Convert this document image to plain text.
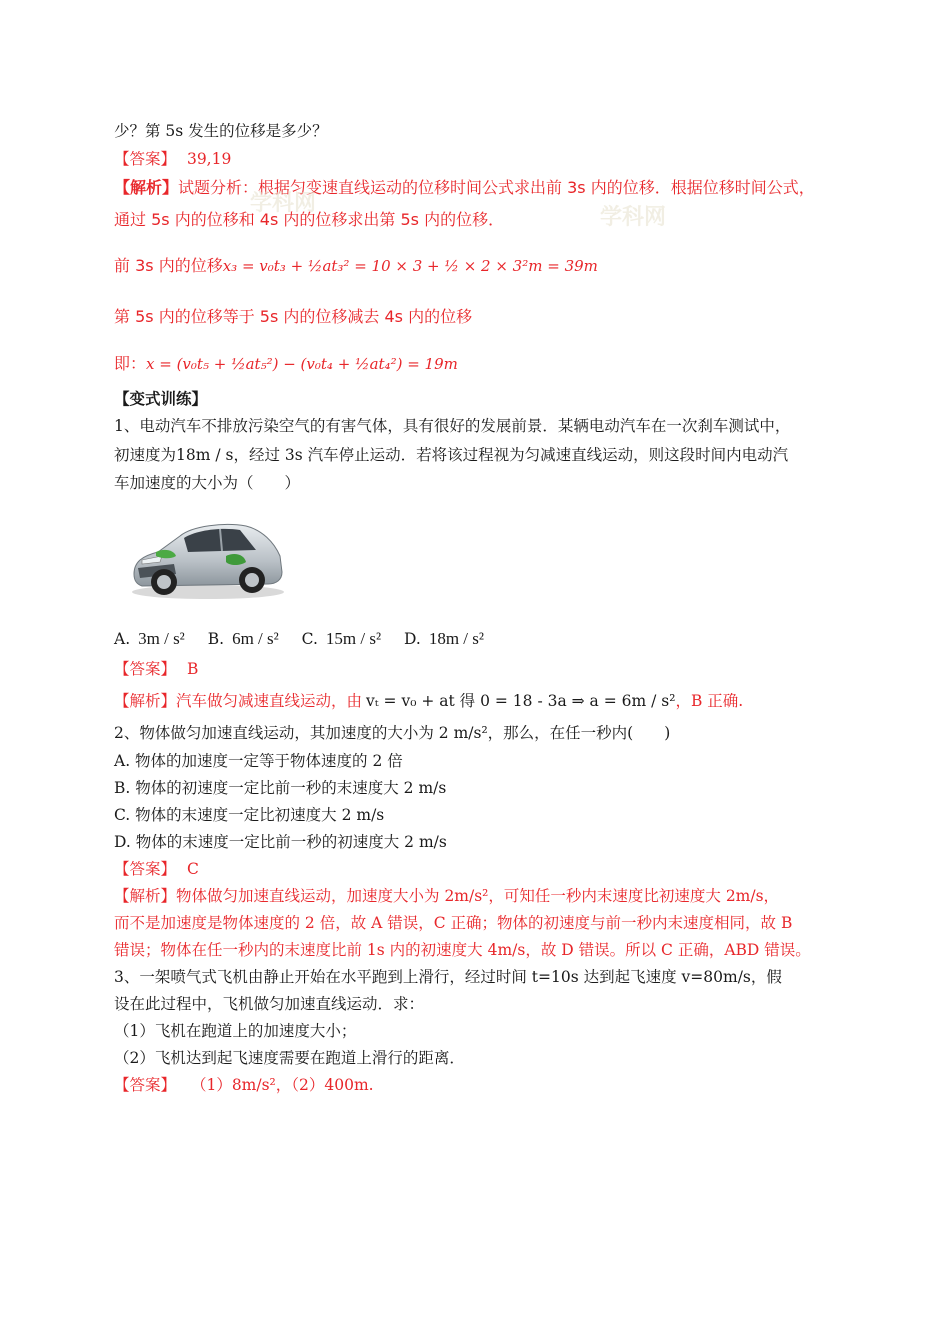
少？第 5s 发生的位移是多少？
【答案】 39,19
【解析】试题分析：根据匀变速直线运动的位移时间公式求出前 3s 内的位移．根据位移时间公式，
通过 5s 内的位移和 4s 内的位移求出第 5s 内的位移．
学科网
学科网
前 3s 内的位移x₃ = v₀t₃ + ½at₃² = 10 × 3 + ½ × 2 × 3²m = 39m
第 5s 内的位移等于 5s 内的位移减去 4s 内的位移
即：x = (v₀t₅ + ½at₅²) − (v₀t₄ + ½at₄²) = 19m
【变式训练】
1、电动汽车不排放污染空气的有害气体，具有很好的发展前景．某辆电动汽车在一次刹车测试中，
初速度为18m / s，经过 3s 汽车停止运动．若将该过程视为匀减速直线运动，则这段时间内电动汽
车加速度的大小为（　　）
A. 3m / s² B. 6m / s² C. 15m / s² D. 18m / s²
【答案】 B
【解析】汽车做匀减速直线运动，由 vₜ = v₀ + at 得 0 = 18 - 3a ⇒ a = 6m / s²，B 正确.
2、物体做匀加速直线运动，其加速度的大小为 2 m/s²，那么，在任一秒内(　　)
A. 物体的加速度一定等于物体速度的 2 倍
B. 物体的初速度一定比前一秒的末速度大 2 m/s
C. 物体的末速度一定比初速度大 2 m/s
D. 物体的末速度一定比前一秒的初速度大 2 m/s
【答案】 C
【解析】物体做匀加速直线运动，加速度大小为 2m/s²，可知任一秒内末速度比初速度大 2m/s，
而不是加速度是物体速度的 2 倍，故 A 错误，C 正确；物体的初速度与前一秒内末速度相同，故 B
错误；物体在任一秒内的末速度比前 1s 内的初速度大 4m/s，故 D 错误。所以 C 正确，ABD 错误。
3、一架喷气式飞机由静止开始在水平跑到上滑行，经过时间 t=10s 达到起飞速度 v=80m/s，假
设在此过程中，飞机做匀加速直线运动．求：
（1）飞机在跑道上的加速度大小；
（2）飞机达到起飞速度需要在跑道上滑行的距离．
【答案】 （1）8m/s²，（2）400m.
